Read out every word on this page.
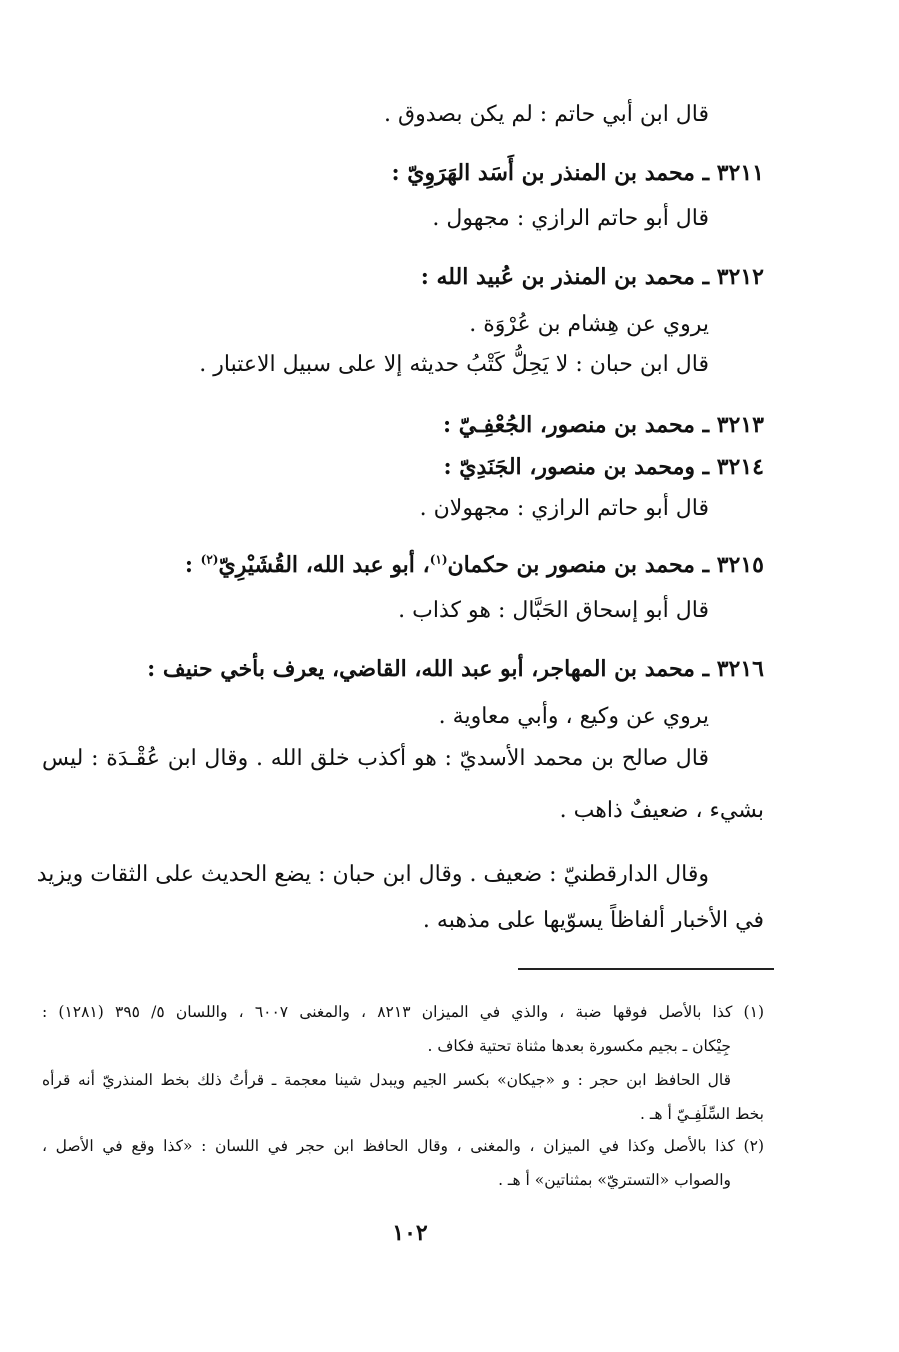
قال ابن أبي حاتم : لم يكن بصدوق .
٣٢١١ ـ محمد بن المنذر بن أَسَد الهَرَوِيّ :
قال أبو حاتم الرازي : مجهول .
٣٢١٢ ـ محمد بن المنذر بن عُبيد الله :
يروي عن هِشام بن عُرْوَة .
قال ابن حبان : لا يَحِلُّ كَتْبُ حديثه إلا على سبيل الاعتبار .
٣٢١٣ ـ محمد بن منصور، الجُعْفِـيّ :
٣٢١٤ ـ ومحمد بن منصور، الجَنَدِيّ :
قال أبو حاتم الرازي : مجهولان .
٣٢١٥ ـ محمد بن منصور بن حكمان$^{(١)}$، أبو عبد الله، القُشَيْرِيّ$^{(٢)}$ :
قال أبو إسحاق الحَبَّال : هو كذاب .
٣٢١٦ ـ محمد بن المهاجر، أبو عبد الله، القاضي، يعرف بأخي حنيف :
يروي عن وكيع ، وأبي معاوية .
قال صالح بن محمد الأسديّ : هو أكذب خلق الله . وقال ابن عُقْـدَة : ليس
بشيء ، ضعيفٌ ذاهب .
وقال الدارقطنيّ : ضعيف . وقال ابن حبان : يضع الحديث على الثقات ويزيد
في الأخبار ألفاظاً يسوّيها على مذهبه .
(١) كذا بالأصل فوقها ضبة ، والذي في الميزان ٨٢١٣ ، والمغنى ٦٠٠٧ ، واللسان ٥/ ٣٩٥ (١٢٨١) :
جِيْكان ـ بجيم مكسورة بعدها مثناة تحتية فكاف .
قال الحافظ ابن حجر : و «جيكان» بكسر الجيم ويبدل شينا معجمة ـ قرأتُ ذلك بخط المنذريّ أنه قرأه
بخط السِّلَفِـيّ أ هـ .
(٢) كذا بالأصل وكذا في الميزان ، والمغنى ، وقال الحافظ ابن حجر في اللسان : «كذا وقع في الأصل ،
والصواب «التستريّ» بمثناتين» أ هـ .
١٠٢
